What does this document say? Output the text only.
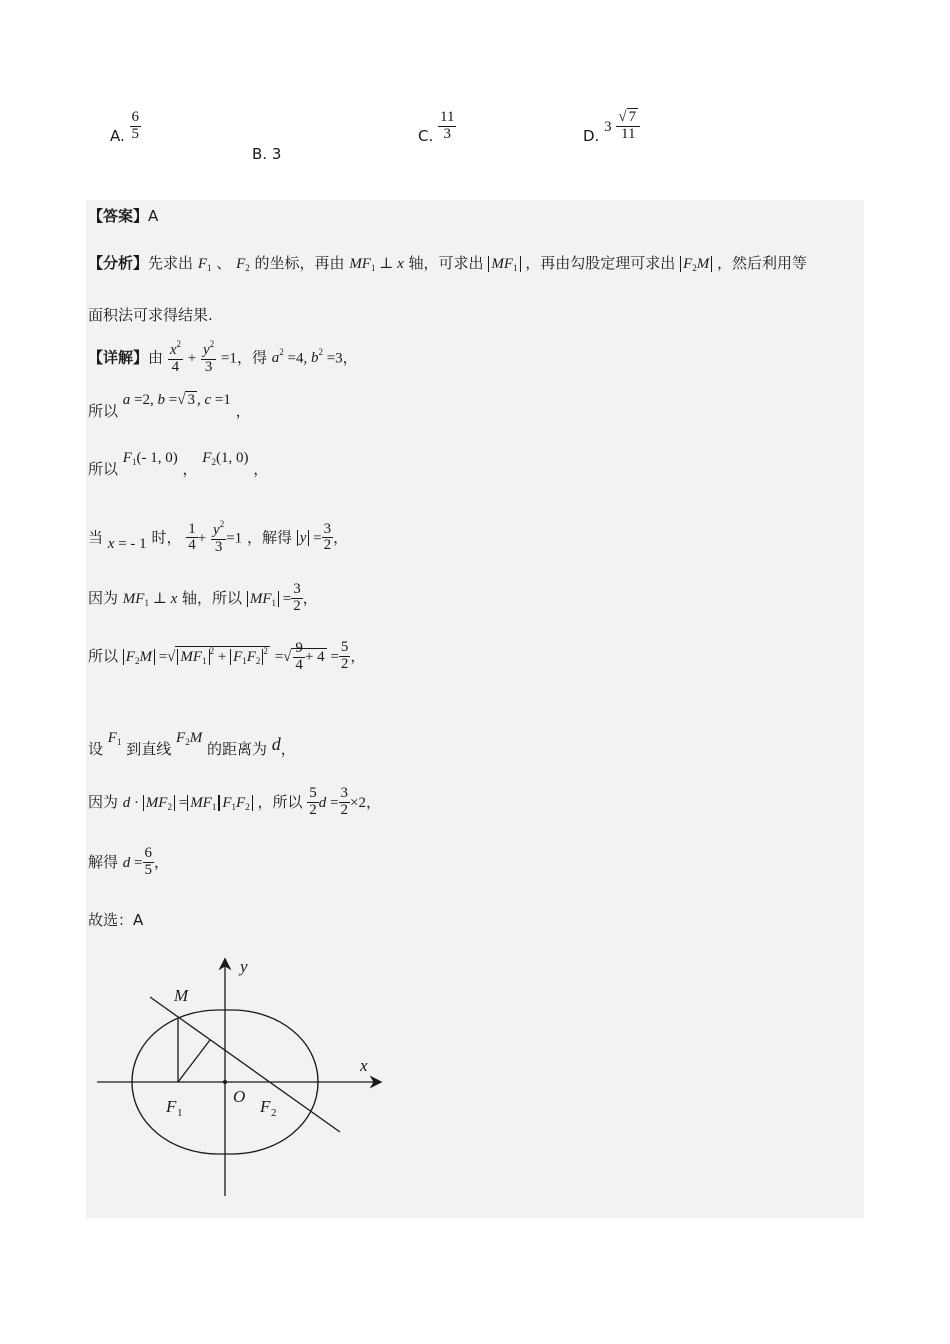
A. $\frac{6}{5}$
B. 3
C. $\frac{11}{3}$	D. $3 \frac{√ 7}{11}$
【答案】A
【分析】先求出 $F_1$ 、 $F_2$ 的坐标，再由 $MF_1$ ⊥ x 轴，可求出 $MF_1$ ，再由勾股定理可求出 $F_2M$ ，然后利用等
面积法可求得结果.
【详解】由 $\frac{x^2}{4} + \frac{y^2}{3} =1$，得 $a^2 =4$, $b^2 =3$，
所以 a =2, b =√ 3 , c =1 ，
所以 $F_1(-$ 1, 0) ， $F_2(1$, 0) ，
当 x = - 1 时， $\frac{1}{4} + \frac{y^2}{3} =1$ ，解得 $y = \frac{3}{2}$ ，
因为 $MF_1$ ⊥ x 轴，所以 $MF_1 = \frac{3}{2}$ ，
所以 $F_2M$ =√ $MF_1^2 + F_1F_2^2$ =√ $\frac{9}{4} + 4 = \frac{5}{2}$ ，
设 $F_1$ 到直线 $F_2M$ 的距离为 d，
因为 $d \cdot MF_2 = MF_1$ $F_1F_2$ ，所以 $\frac{5}{2}$ $d = \frac{3}{2} \times 2$，
解得 $d = \frac{6}{5}$ ，
故选：A
M
y
x
O
F 1	F 2
